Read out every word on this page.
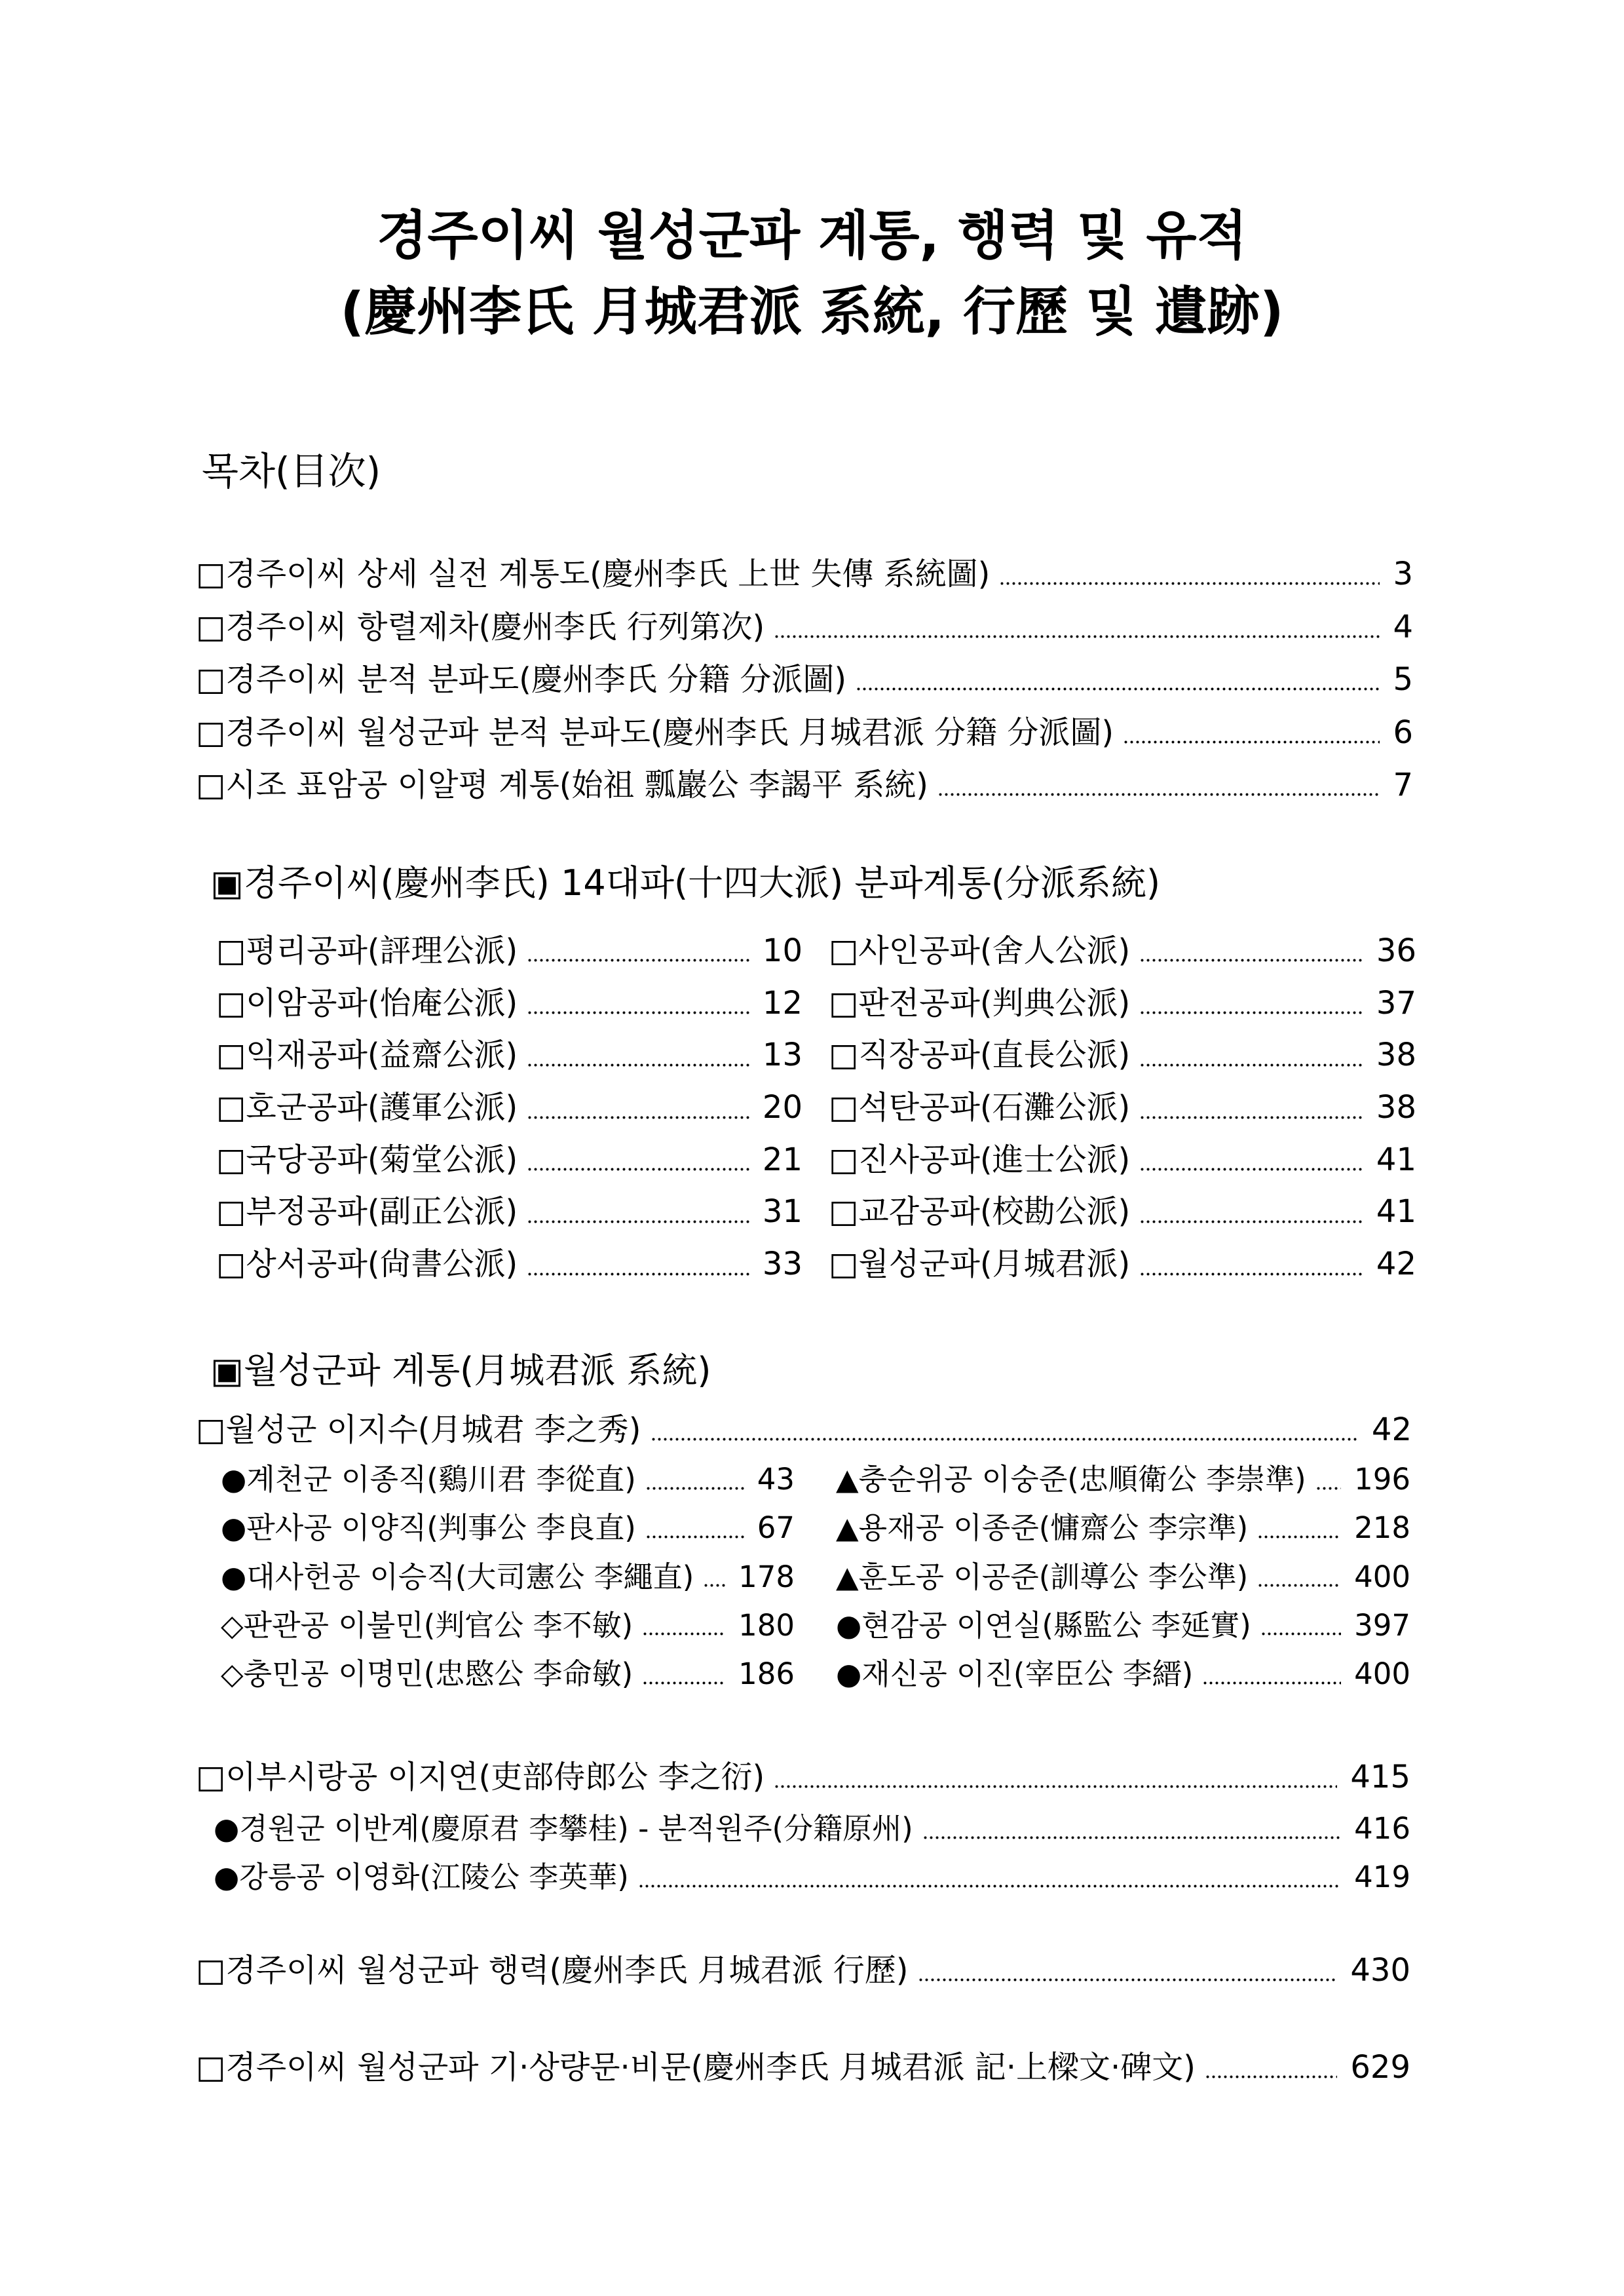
경주이씨 월성군파 계통, 행력 및 유적
(慶州李氏 月城君派 系統, 行歷 및 遺跡)
목차(目次)
□경주이씨 상세 실전 계통도(慶州李氏 上世 失傳 系統圖)	3
□경주이씨 항렬제차(慶州李氏 行列第次)	4
□경주이씨 분적 분파도(慶州李氏 分籍 分派圖)	5
□경주이씨 월성군파 분적 분파도(慶州李氏 月城君派 分籍 分派圖)	6
□시조 표암공 이알평 계통(始祖 瓢巖公 李謁平 系統)	7
▣경주이씨(慶州李氏) 14대파(十四大派) 분파계통(分派系統)
□평리공파(評理公派)	10
□이암공파(怡庵公派)	12
□익재공파(益齋公派)	13
□호군공파(護軍公派)	20
□국당공파(菊堂公派)	21
□부정공파(副正公派)	31
□상서공파(尙書公派)	33
□사인공파(舍人公派)	36
□판전공파(判典公派)	37
□직장공파(直長公派)	38
□석탄공파(石灘公派)	38
□진사공파(進士公派)	41
□교감공파(校勘公派)	41
□월성군파(月城君派)	42
▣월성군파 계통(月城君派 系統)
□월성군 이지수(月城君 李之秀)	42
●계천군 이종직(鷄川君 李從直)	43
●판사공 이양직(判事公 李良直)	67
●대사헌공 이승직(大司憲公 李繩直) 178
◇판관공 이불민(判官公 李不敏)	180
◇충민공 이명민(忠愍公 李命敏)	186
▲충순위공 이숭준(忠順衛公 李崇準) 196
▲용재공 이종준(慵齋公 李宗準)	218
▲훈도공 이공준(訓導公 李公準)	400
●현감공 이연실(縣監公 李延實)	397
●재신공 이진(宰臣公 李縉)	400
□이부시랑공 이지연(吏部侍郎公 李之衍)	415
●경원군 이반계(慶原君 李攀桂) - 분적원주(分籍原州)	416
●강릉공 이영화(江陵公 李英華)	419
□경주이씨 월성군파 행력(慶州李氏 月城君派 行歷)	430
□경주이씨 월성군파 기·상량문·비문(慶州李氏 月城君派 記·上樑文·碑文)	629
